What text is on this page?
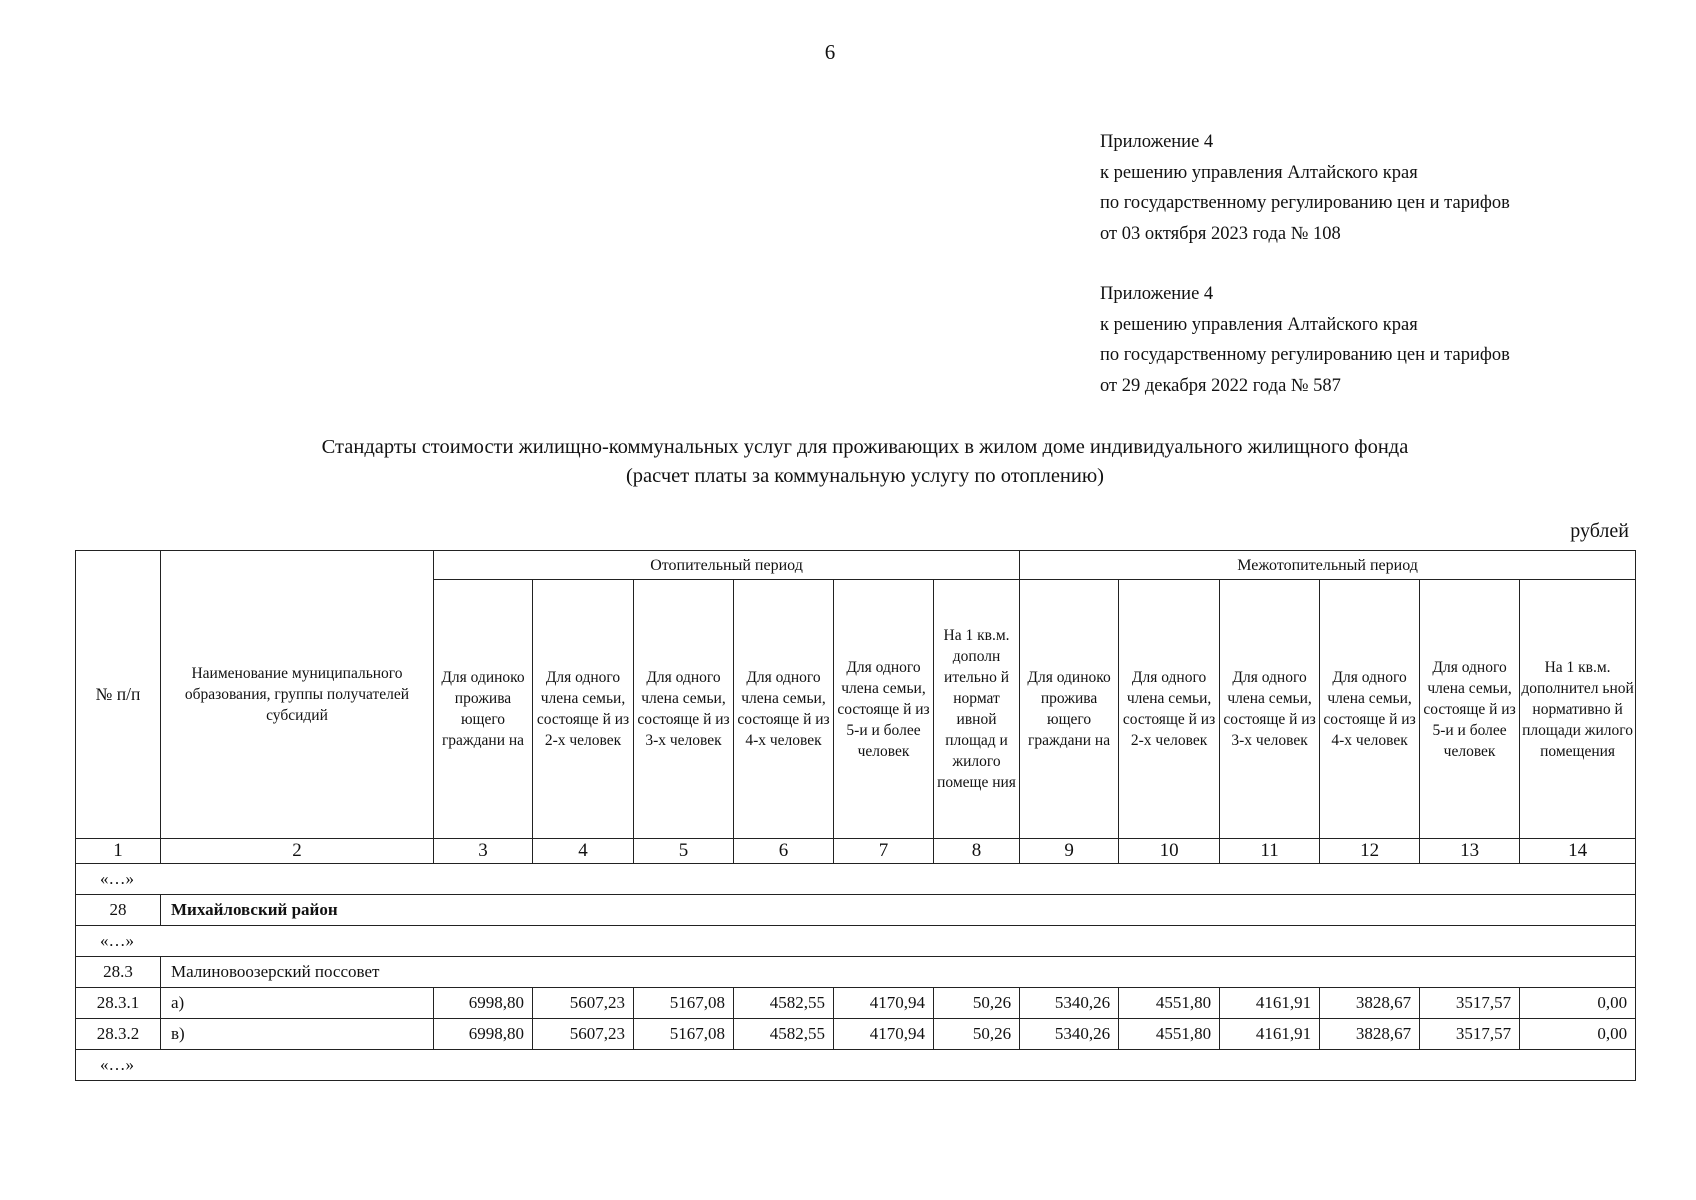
6
Приложение 4
к решению управления Алтайского края
по государственному регулированию цен и тарифов
от 03 октября 2023 года № 108
Приложение 4
к решению управления Алтайского края
по государственному регулированию цен и тарифов
от 29 декабря 2022 года № 587
Стандарты стоимости жилищно-коммунальных услуг для проживающих в жилом доме индивидуального жилищного фонда
(расчет платы за коммунальную услугу по отоплению)
рублей
№ п/п	Наименование муниципального образования, группы получателей субсидий	Отопительный период						Межотопительный период					
		Для одиноко прожива ющего граждани на	Для одного члена семьи, состояще й из 2-х человек	Для одного члена семьи, состояще й из 3-х человек	Для одного члена семьи, состояще й из 4-х человек	Для одного члена семьи, состояще й из 5-и и более человек	На 1 кв.м. дополн ительно й нормат ивной площад и жилого помеще ния	Для одиноко прожива ющего граждани на	Для одного члена семьи, состояще й из 2-х человек	Для одного члена семьи, состояще й из 3-х человек	Для одного члена семьи, состояще й из 4-х человек	Для одного члена семьи, состояще й из 5-и и более человек	На 1 кв.м. дополнител ьной нормативно й площади жилого помещения
1	2	3	4	5	6	7	8	9	10	11	12	13	14
«…»													
28	Михайловский район												
«…»													
28.3	Малиновоозерский поссовет												
28.3.1	а)	6998,80	5607,23	5167,08	4582,55	4170,94	50,26	5340,26	4551,80	4161,91	3828,67	3517,57	0,00
28.3.2	в)	6998,80	5607,23	5167,08	4582,55	4170,94	50,26	5340,26	4551,80	4161,91	3828,67	3517,57	0,00
«…»													
